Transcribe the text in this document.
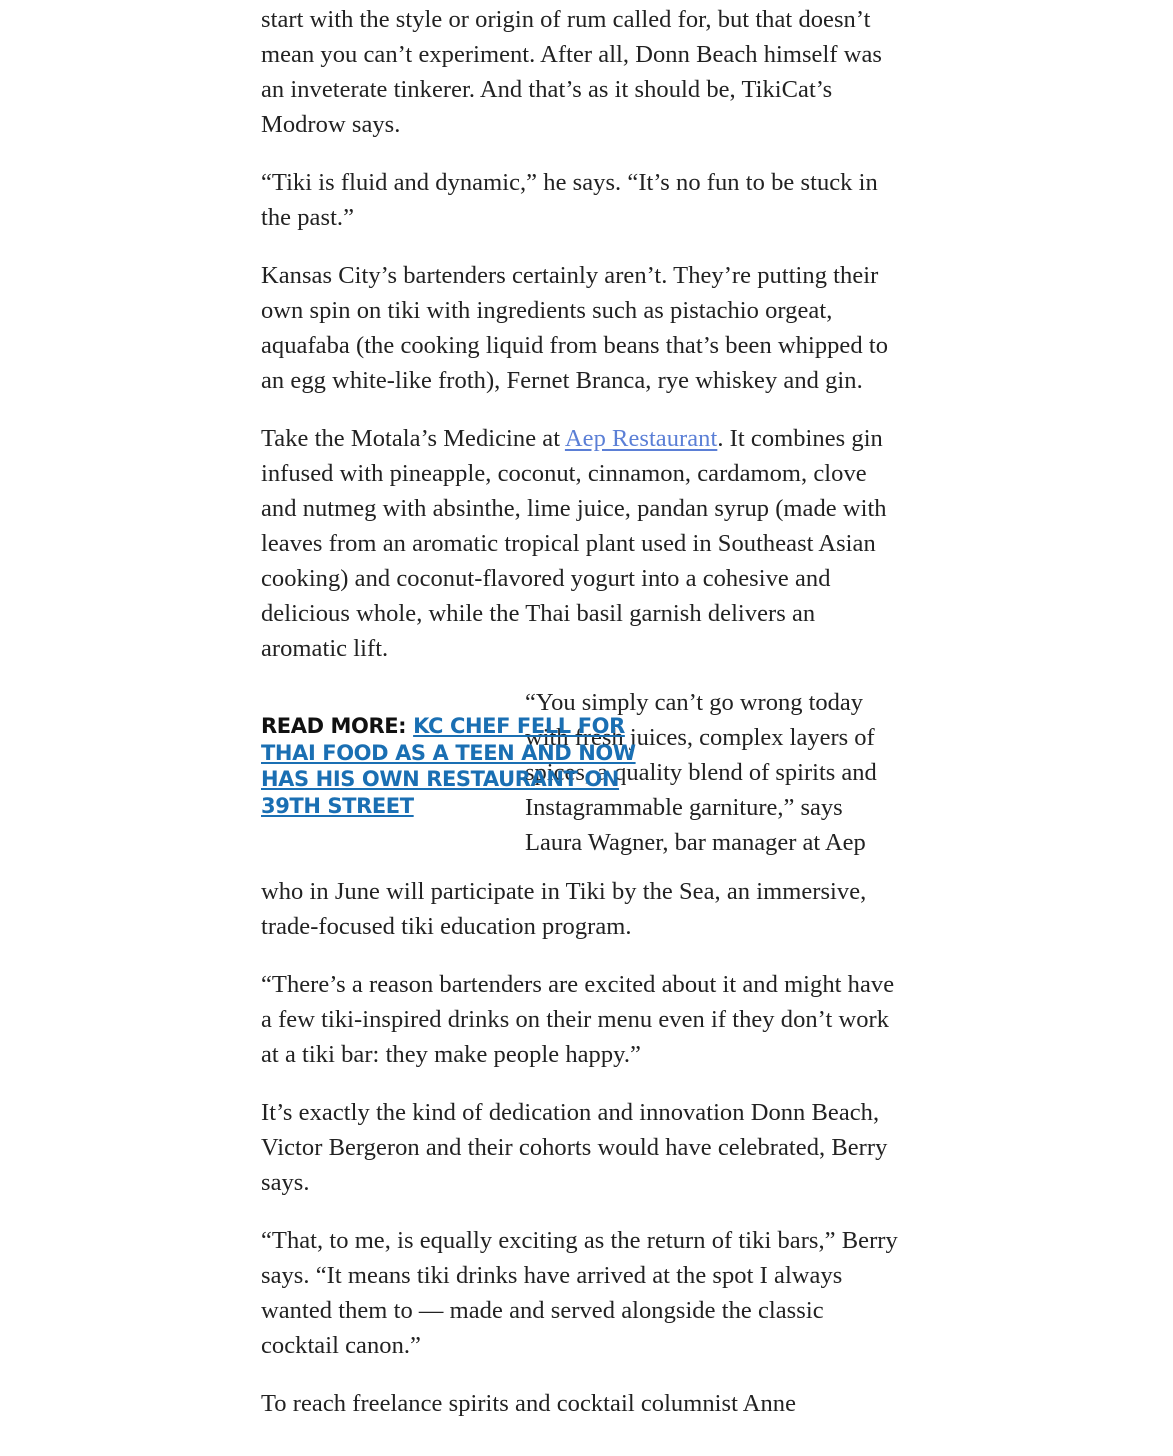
start with the style or origin of rum called for, but that doesn’t mean you can’t experiment. After all, Donn Beach himself was an inveterate tinkerer. And that’s as it should be, TikiCat’s Modrow says.

“Tiki is fluid and dynamic,” he says. “It’s no fun to be stuck in the past.”

Kansas City’s bartenders certainly aren’t. They’re putting their own spin on tiki with ingredients such as pistachio orgeat, aquafaba (the cooking liquid from beans that’s been whipped to an egg white-like froth), Fernet Branca, rye whiskey and gin.

Take the Motala’s Medicine at Aep Restaurant. It combines gin infused with pineapple, coconut, cinnamon, cardamom, clove and nutmeg with absinthe, lime juice, pandan syrup (made with leaves from an aromatic tropical plant used in Southeast Asian cooking) and coconut-flavored yogurt into a cohesive and delicious whole, while the Thai basil garnish delivers an aromatic lift.

READ MORE: KC CHEF FELL FOR THAI FOOD AS A TEEN AND NOW HAS HIS OWN RESTAURANT ON 39TH STREET

“You simply can’t go wrong today with fresh juices, complex layers of spices, a quality blend of spirits and Instagrammable garniture,” says Laura Wagner, bar manager at Aep

who in June will participate in Tiki by the Sea, an immersive, trade-focused tiki education program.

“There’s a reason bartenders are excited about it and might have a few tiki-inspired drinks on their menu even if they don’t work at a tiki bar: they make people happy.”

It’s exactly the kind of dedication and innovation Donn Beach, Victor Bergeron and their cohorts would have celebrated, Berry says.

“That, to me, is equally exciting as the return of tiki bars,” Berry says. “It means tiki drinks have arrived at the spot I always wanted them to — made and served alongside the classic cocktail canon.”

To reach freelance spirits and cocktail columnist Anne
